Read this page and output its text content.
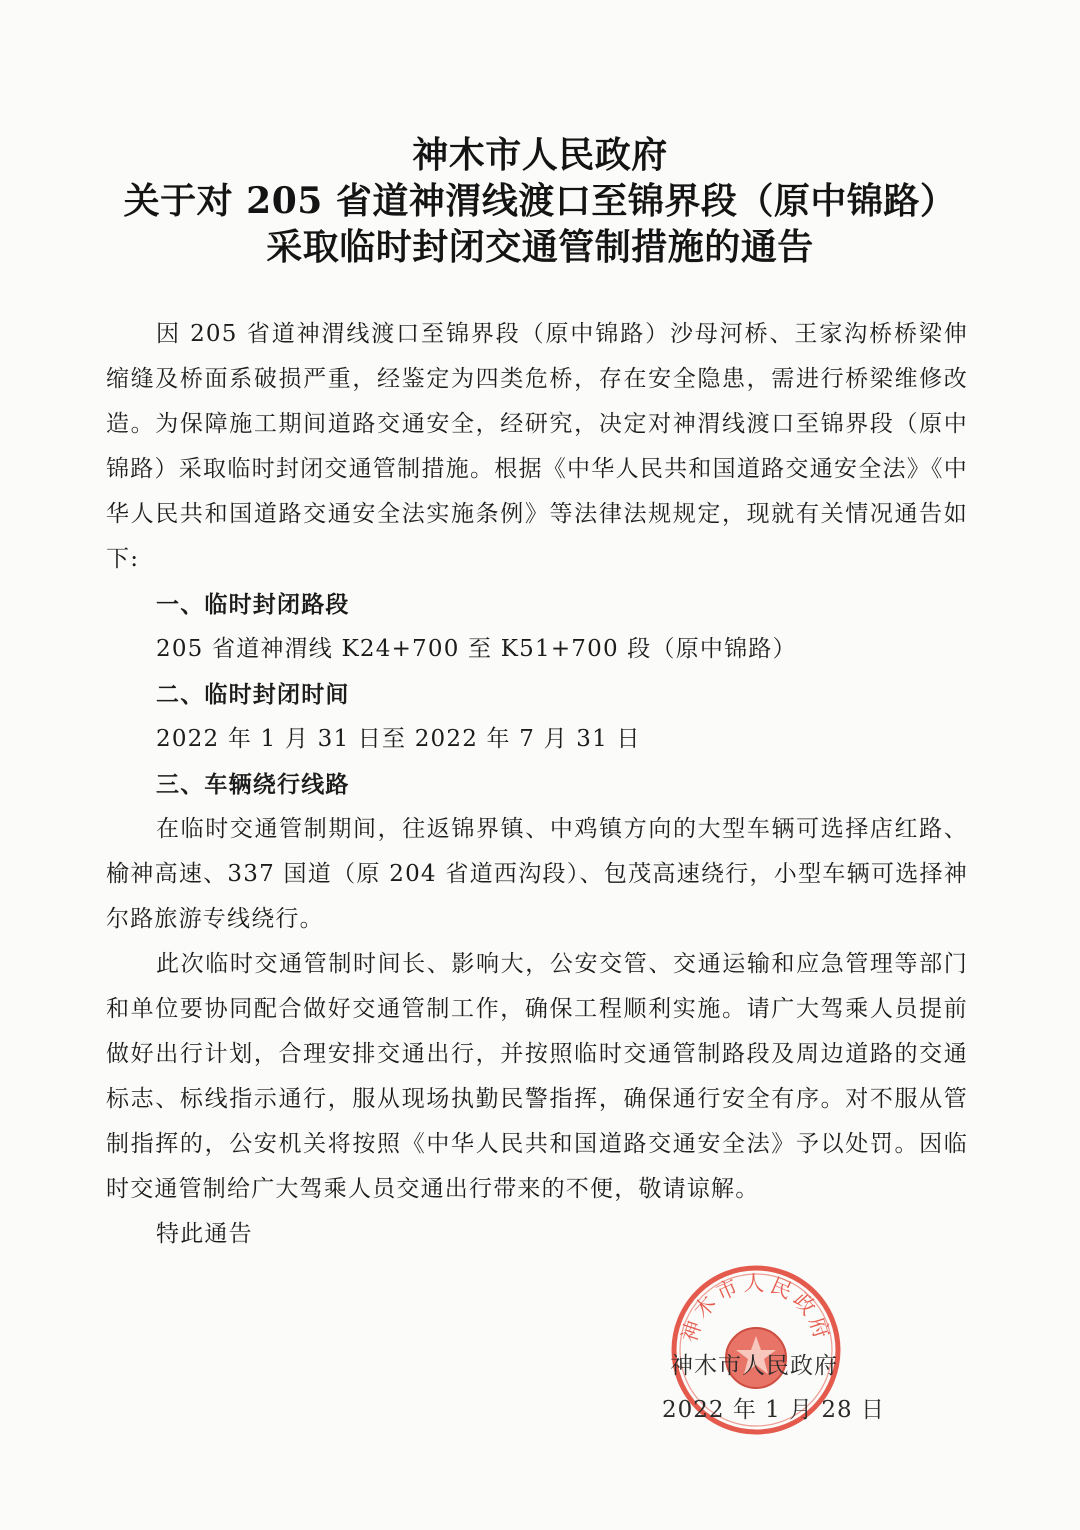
神木市人民政府
关于对 205 省道神渭线渡口至锦界段（原中锦路）
采取临时封闭交通管制措施的通告

因 205 省道神渭线渡口至锦界段（原中锦路）沙母河桥、王家沟桥桥梁伸缩缝及桥面系破损严重，经鉴定为四类危桥，存在安全隐患，需进行桥梁维修改造。为保障施工期间道路交通安全，经研究，决定对神渭线渡口至锦界段（原中锦路）采取临时封闭交通管制措施。根据《中华人民共和国道路交通安全法》《中华人民共和国道路交通安全法实施条例》等法律法规规定，现就有关情况通告如下:

一、临时封闭路段

205 省道神渭线 K24+700 至 K51+700 段（原中锦路）

二、临时封闭时间

2022 年 1 月 31 日至 2022 年 7 月 31 日

三、车辆绕行线路

在临时交通管制期间，往返锦界镇、中鸡镇方向的大型车辆可选择店红路、榆神高速、337 国道（原 204 省道西沟段）、包茂高速绕行，小型车辆可选择神尔路旅游专线绕行。

此次临时交通管制时间长、影响大，公安交管、交通运输和应急管理等部门和单位要协同配合做好交通管制工作，确保工程顺利实施。请广大驾乘人员提前做好出行计划，合理安排交通出行，并按照临时交通管制路段及周边道路的交通标志、标线指示通行，服从现场执勤民警指挥，确保通行安全有序。对不服从管制指挥的，公安机关将按照《中华人民共和国道路交通安全法》予以处罚。因临时交通管制给广大驾乘人员交通出行带来的不便，敬请谅解。

特此通告

神木市人民政府
神木市人民政府
2022 年 1 月 28 日
